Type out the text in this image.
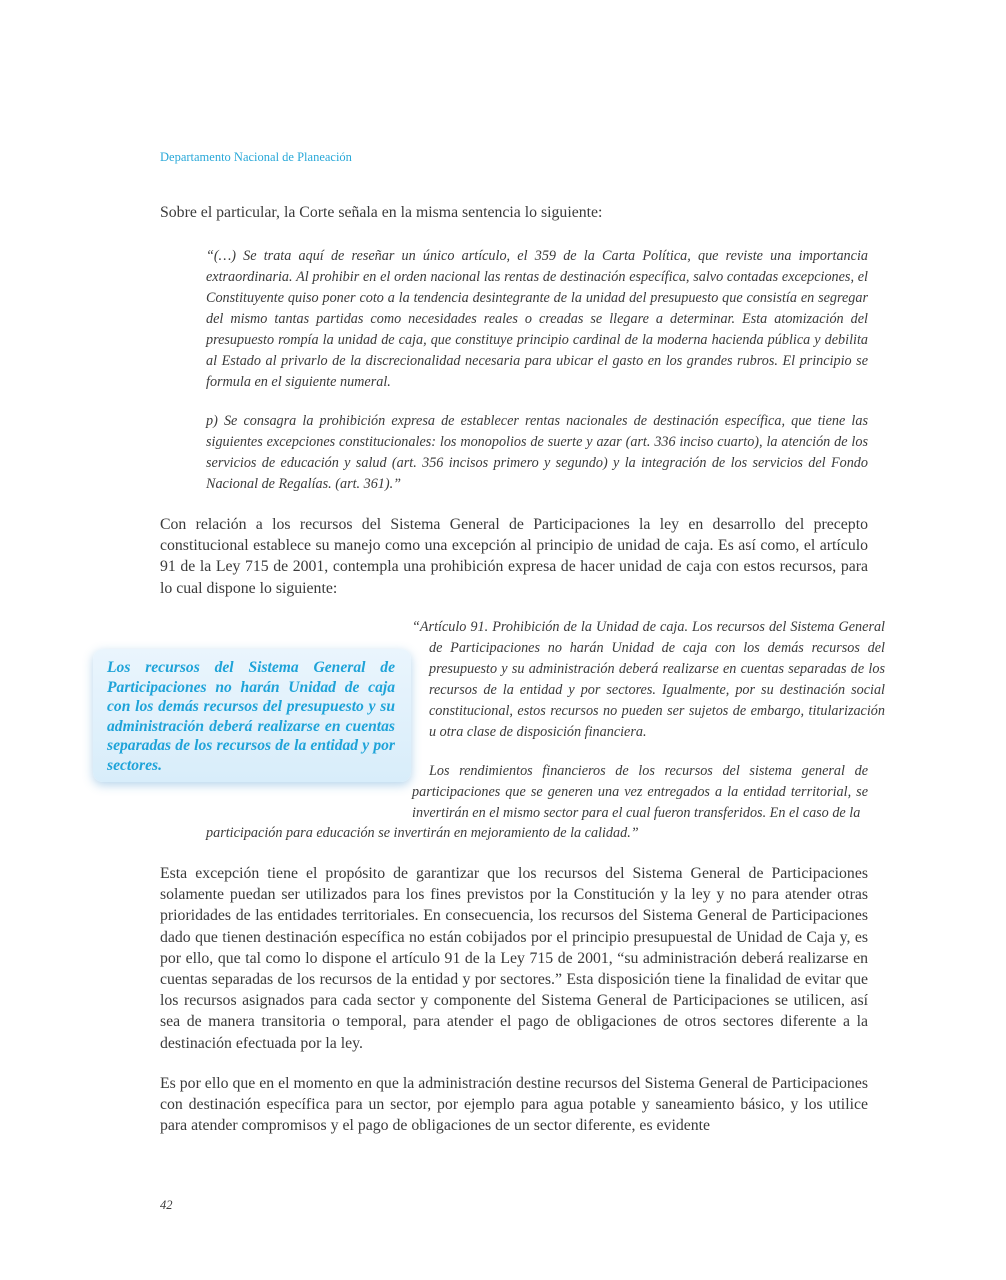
Departamento Nacional de Planeación

Sobre el particular, la Corte señala en la misma sentencia lo siguiente:

“(…) Se trata aquí de reseñar un único artículo, el 359 de la Carta Política, que reviste una importancia extraordinaria. Al prohibir en el orden nacional las rentas de destinación específica, salvo contadas excepciones, el Constituyente quiso poner coto a la tendencia desintegrante de la unidad del presupuesto que consistía en segregar del mismo tantas partidas como necesidades reales o creadas se llegare a determinar. Esta atomización del presupuesto rompía la unidad de caja, que constituye principio cardinal de la moderna hacienda pública y debilita al Estado al privarlo de la discrecionalidad necesaria para ubicar el gasto en los grandes rubros. El principio se formula en el siguiente numeral.

p) Se consagra la prohibición expresa de establecer rentas nacionales de destinación específica, que tiene las siguientes excepciones constitucionales: los monopolios de suerte y azar (art. 336 inciso cuarto), la atención de los servicios de educación y salud (art. 356 incisos primero y segundo) y la integración de los servicios del Fondo Nacional de Regalías. (art. 361).”

Con relación a los recursos del Sistema General de Participaciones la ley en desarrollo del precepto constitucional establece su manejo como una excepción al principio de unidad de caja. Es así como, el artículo 91 de la Ley 715 de 2001, contempla una prohibición expresa de hacer unidad de caja con estos recursos, para lo cual dispone lo siguiente:

“Artículo 91. Prohibición de la Unidad de caja. Los recursos del Sistema General de Participaciones no harán Unidad de caja con los demás recursos del presupuesto y su administración deberá realizarse en cuentas separadas de los recursos de la entidad y por sectores. Igualmente, por su destinación social constitucional, estos recursos no pueden ser sujetos de embargo, titularización u otra clase de disposición financiera.

Los rendimientos financieros de los recursos del sistema general de participaciones que se generen una vez entregados a la entidad territorial, se invertirán en el mismo sector para el cual fueron transferidos. En el caso de la

participación para educación se invertirán en mejoramiento de la calidad.”

Los recursos del Sistema General de Participaciones no harán Unidad de caja con los demás recursos del presupuesto y su administración deberá realizarse en cuentas separadas de los recursos de la entidad y por sectores.

Esta excepción tiene el propósito de garantizar que los recursos del Sistema General de Participaciones solamente puedan ser utilizados para los fines previstos por la Constitución y la ley y no para atender otras prioridades de las entidades territoriales. En consecuencia, los recursos del Sistema General de Participaciones dado que tienen destinación específica no están cobijados por el principio presupuestal de Unidad de Caja y, es por ello, que tal como lo dispone el artículo 91 de la Ley 715 de 2001, “su administración deberá realizarse en cuentas separadas de los recursos de la entidad y por sectores.” Esta disposición tiene la finalidad de evitar que los recursos asignados para cada sector y componente del Sistema General de Participaciones se utilicen, así sea de manera transitoria o temporal, para atender el pago de obligaciones de otros sectores diferente a la destinación efectuada por la ley.

Es por ello que en el momento en que la administración destine recursos del Sistema General de Participaciones con destinación específica para un sector, por ejemplo para agua potable y saneamiento básico, y los utilice para atender compromisos y el pago de obligaciones de un sector diferente, es evidente

42
